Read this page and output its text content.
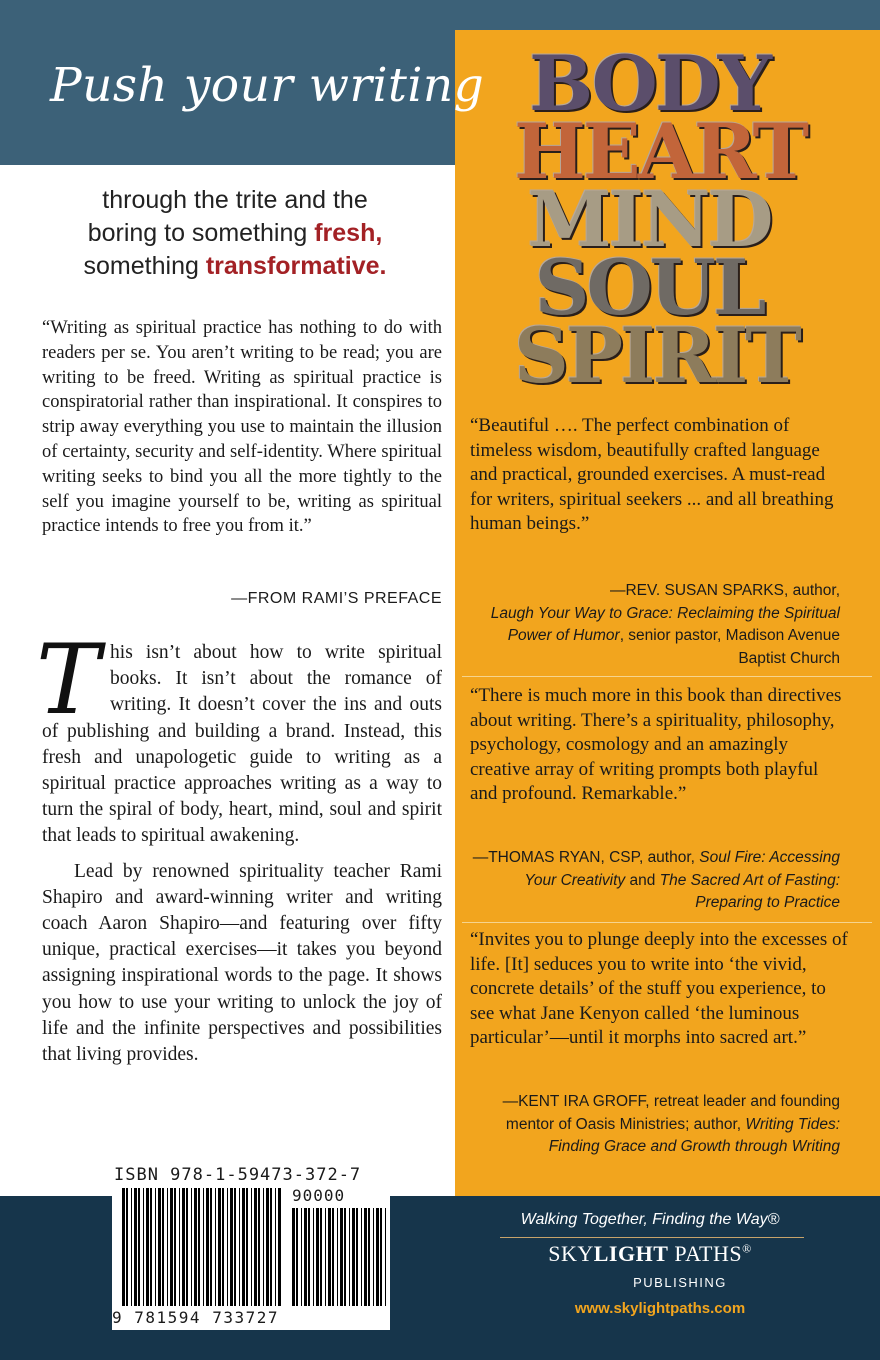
Push your writing
through the trite and the
boring to something fresh,
something transformative.
“Writing as spiritual practice has nothing to do with readers per se. You aren’t writing to be read; you are writing to be freed. Writing as spiritual practice is conspiratorial rather than inspirational. It conspires to strip away everything you use to maintain the illusion of certainty, security and self-identity. Where spiritual writing seeks to bind you all the more tightly to the self you imagine yourself to be, writing as spiritual practice intends to free you from it.”
—FROM RAMI’S PREFACE

This isn’t about how to write spiritual books. It isn’t about the romance of writing. It doesn’t cover the ins and outs of publishing and building a brand. Instead, this fresh and unapologetic guide to writing as a spiritual practice approaches writing as a way to turn the spiral of body, heart, mind, soul and spirit that leads to spiritual awakening.

Lead by renowned spirituality teacher Rami Shapiro and award-winning writer and writing coach Aaron Shapiro—and featuring over fifty unique, practical exercises—it takes you beyond assigning inspirational words to the page. It shows you how to use your writing to unlock the joy of life and the infinite perspectives and possibilities that living provides.

ISBN 978-1-59473-372-7
90000
9 781594 733727
BODY
HEART
MIND
SOUL
SPIRIT
“Beautiful …. The perfect combination of timeless wisdom, beautifully crafted language and practical, grounded exercises. A must-read for writers, spiritual seekers ... and all breathing human beings.”
—REV. SUSAN SPARKS, author,
Laugh Your Way to Grace: Reclaiming the Spiritual Power of Humor, senior pastor, Madison Avenue Baptist Church
“There is much more in this book than directives about writing. There’s a spirituality, philosophy, psychology, cosmology and an amazingly creative array of writing prompts both playful and profound. Remarkable.”
—THOMAS RYAN, CSP, author, Soul Fire: Accessing Your Creativity and The Sacred Art of Fasting: Preparing to Practice
“Invites you to plunge deeply into the excesses of life. [It] seduces you to write into ‘the vivid, concrete details’ of the stuff you experience, to see what Jane Kenyon called ‘the luminous particular’—until it morphs into sacred art.”
—KENT IRA GROFF, retreat leader and founding mentor of Oasis Ministries; author, Writing Tides: Finding Grace and Growth through Writing
Walking Together, Finding the Way®
SKYLIGHT PATHS®
PUBLISHING
www.skylightpaths.com
